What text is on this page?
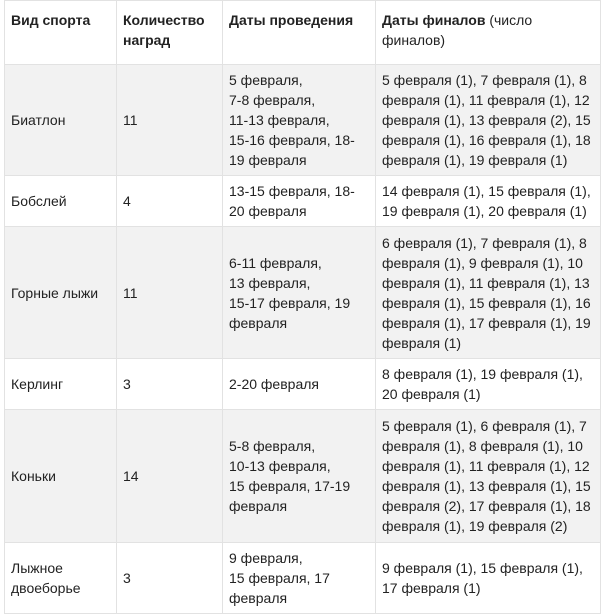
Вид спорта	Количество наград	Даты проведения	Даты финалов (число финалов)
Биатлон	11	5 февраля,
7-8 февраля,
11-13 февраля,
15-16 февраля, 18-19 февраля	5 февраля (1), 7 февраля (1), 8 февраля (1), 11 февраля (1), 12 февраля (1), 13 февраля (2), 15 февраля (1), 16 февраля (1), 18 февраля (1), 19 февраля (1)
Бобслей	4	13-15 февраля, 18-20 февраля	14 февраля (1), 15 февраля (1), 19 февраля (1), 20 февраля (1)
Горные лыжи	11	6-11 февраля,
13 февраля,
15-17 февраля, 19 февраля	6 февраля (1), 7 февраля (1), 8 февраля (1), 9 февраля (1), 10 февраля (1), 11 февраля (1), 13 февраля (1), 15 февраля (1), 16 февраля (1), 17 февраля (1), 19 февраля (1)
Керлинг	3	2-20 февраля	8 февраля (1), 19 февраля (1), 20 февраля (1)
Коньки	14	5-8 февраля,
10-13 февраля,
15 февраля, 17-19 февраля	5 февраля (1), 6 февраля (1), 7 февраля (1), 8 февраля (1), 10 февраля (1), 11 февраля (1), 12 февраля (1), 13 февраля (1), 15 февраля (2), 17 февраля (1), 18 февраля (1), 19 февраля (2)
Лыжное двоеборье	3	9 февраля,
15 февраля, 17 февраля	9 февраля (1), 15 февраля (1), 17 февраля (1)
